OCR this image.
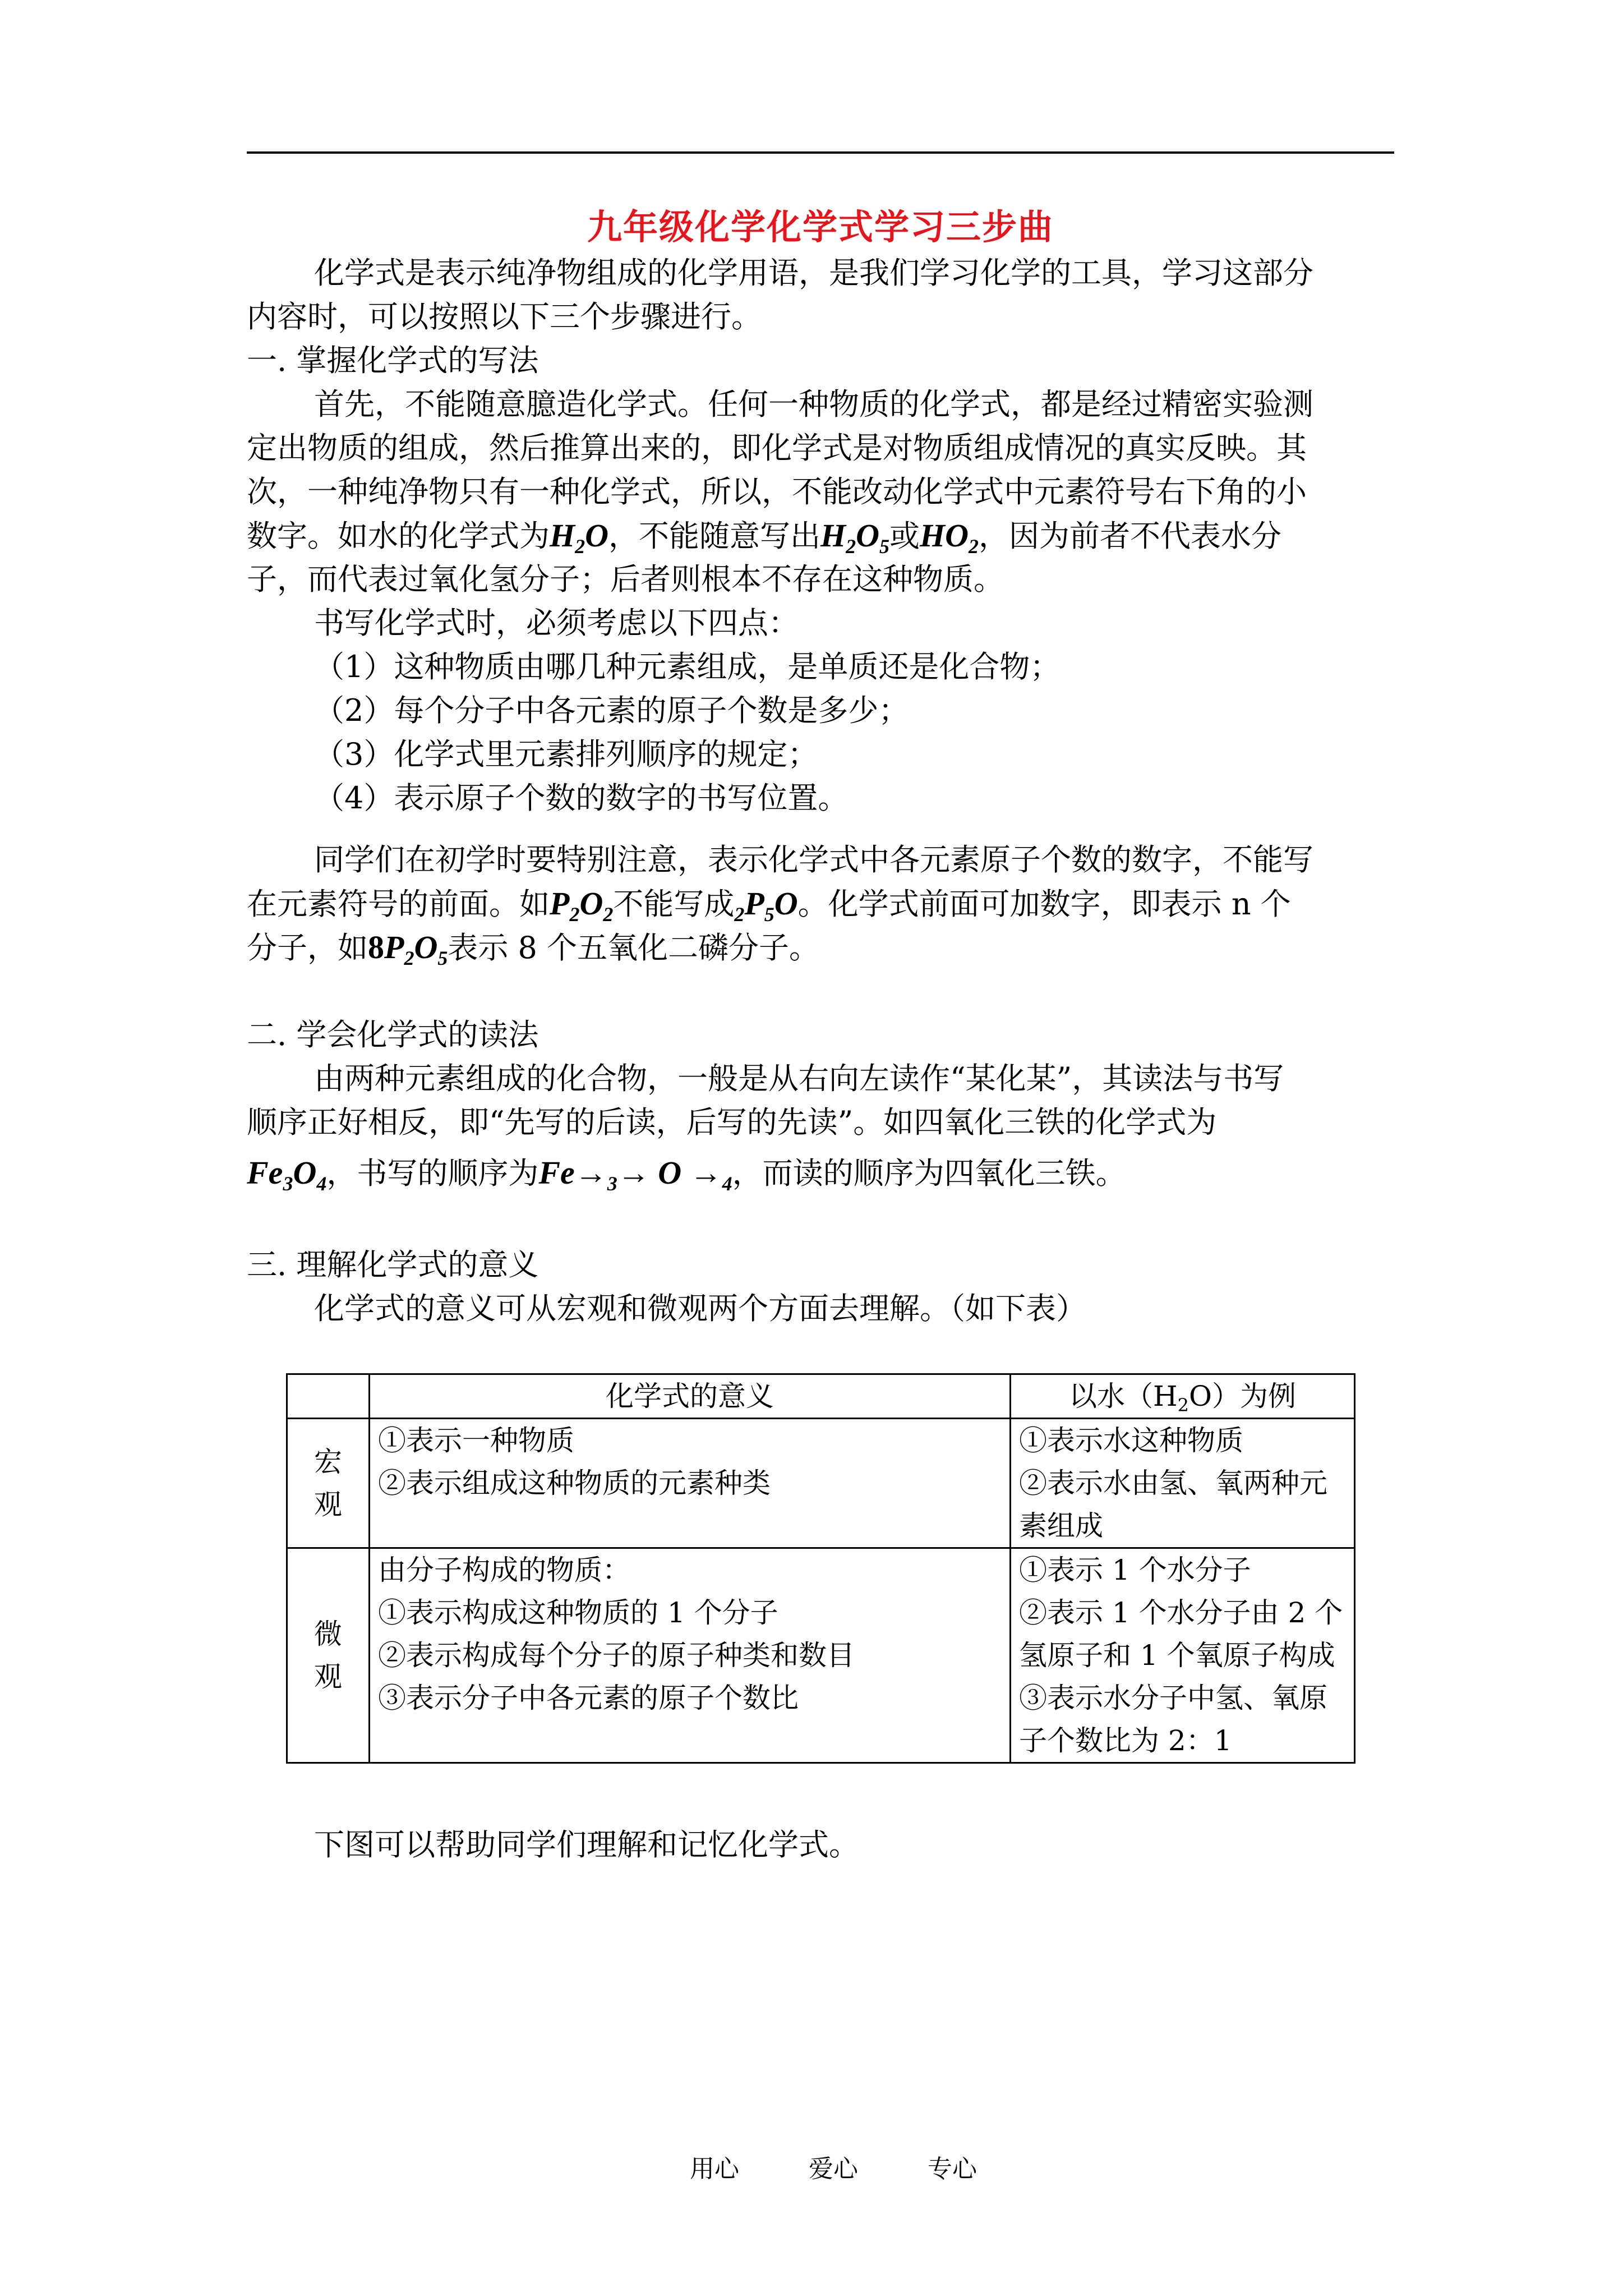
九年级化学化学式学习三步曲
化学式是表示纯净物组成的化学用语，是我们学习化学的工具，学习这部分
内容时，可以按照以下三个步骤进行。
一. 掌握化学式的写法
首先，不能随意臆造化学式。任何一种物质的化学式，都是经过精密实验测
定出物质的组成，然后推算出来的，即化学式是对物质组成情况的真实反映。其
次，一种纯净物只有一种化学式，所以，不能改动化学式中元素符号右下角的小
数字。如水的化学式为$H_2O$，不能随意写出$H_2O_5$或$HO_2$，因为前者不代表水分
子，而代表过氧化氢分子；后者则根本不存在这种物质。
书写化学式时，必须考虑以下四点：
（1）这种物质由哪几种元素组成，是单质还是化合物；
（2）每个分子中各元素的原子个数是多少；
（3）化学式里元素排列顺序的规定；
（4）表示原子个数的数字的书写位置。
同学们在初学时要特别注意，表示化学式中各元素原子个数的数字，不能写
在元素符号的前面。如$P_2O_2$不能写成$_2P_5O$。化学式前面可加数字，即表示 n 个
分子，如$8P_2O_5$表示 8 个五氧化二磷分子。
二. 学会化学式的读法
由两种元素组成的化合物，一般是从右向左读作“某化某”，其读法与书写
顺序正好相反，即“先写的后读，后写的先读”。如四氧化三铁的化学式为
$Fe_3O_4$，书写的顺序为$Fe\to_3\to O \to_4$，而读的顺序为四氧化三铁。
三. 理解化学式的意义
化学式的意义可从宏观和微观两个方面去理解。（如下表）
	化学式的意义	以水$(H_2O)$为例

宏
观	①表示一种物质
②表示组成这种物质的元素种类	①表示水这种物质
②表示水由氢、氧两种元
素组成

微
观	由分子构成的物质：
①表示构成这种物质的 1 个分子
②表示构成每个分子的原子种类和数目
③表示分子中各元素的原子个数比	①表示 1 个水分子
②表示 1 个水分子由 2 个
氢原子和 1 个氧原子构成
③表示水分子中氢、氧原
子个数比为 2：1
下图可以帮助同学们理解和记忆化学式。
用心	爱心	专心
